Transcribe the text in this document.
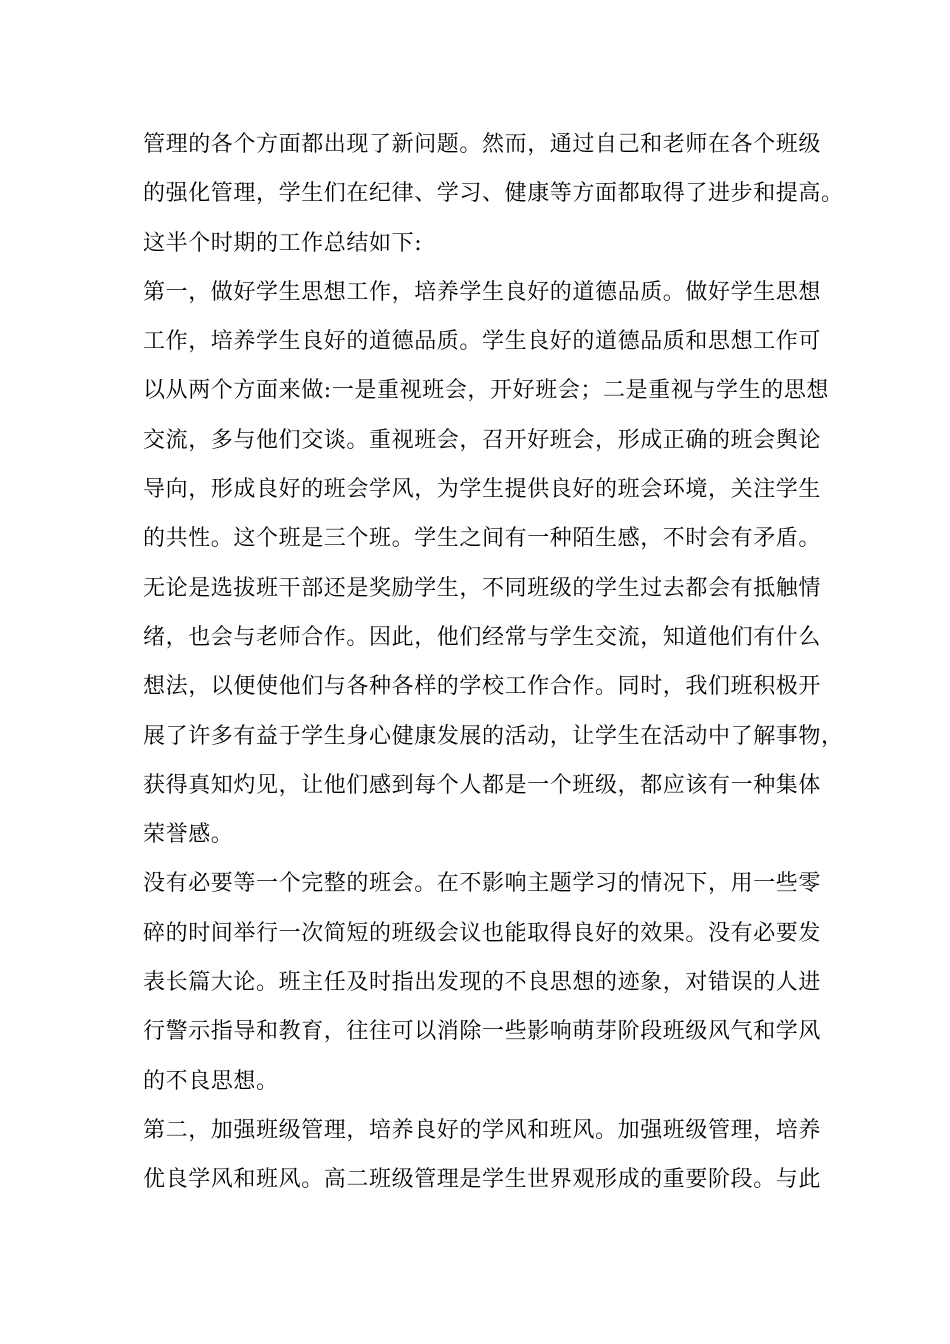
管理的各个方面都出现了新问题。然而，通过自己和老师在各个班级
的强化管理，学生们在纪律、学习、健康等方面都取得了进步和提高。
这半个时期的工作总结如下:
第一，做好学生思想工作，培养学生良好的道德品质。做好学生思想
工作，培养学生良好的道德品质。学生良好的道德品质和思想工作可
以从两个方面来做:一是重视班会，开好班会；二是重视与学生的思想
交流，多与他们交谈。重视班会，召开好班会，形成正确的班会舆论
导向，形成良好的班会学风，为学生提供良好的班会环境，关注学生
的共性。这个班是三个班。学生之间有一种陌生感，不时会有矛盾。
无论是选拔班干部还是奖励学生，不同班级的学生过去都会有抵触情
绪，也会与老师合作。因此，他们经常与学生交流，知道他们有什么
想法，以便使他们与各种各样的学校工作合作。同时，我们班积极开
展了许多有益于学生身心健康发展的活动，让学生在活动中了解事物，
获得真知灼见，让他们感到每个人都是一个班级，都应该有一种集体
荣誉感。
没有必要等一个完整的班会。在不影响主题学习的情况下，用一些零
碎的时间举行一次简短的班级会议也能取得良好的效果。没有必要发
表长篇大论。班主任及时指出发现的不良思想的迹象，对错误的人进
行警示指导和教育，往往可以消除一些影响萌芽阶段班级风气和学风
的不良思想。
第二，加强班级管理，培养良好的学风和班风。加强班级管理，培养
优良学风和班风。高二班级管理是学生世界观形成的重要阶段。与此
